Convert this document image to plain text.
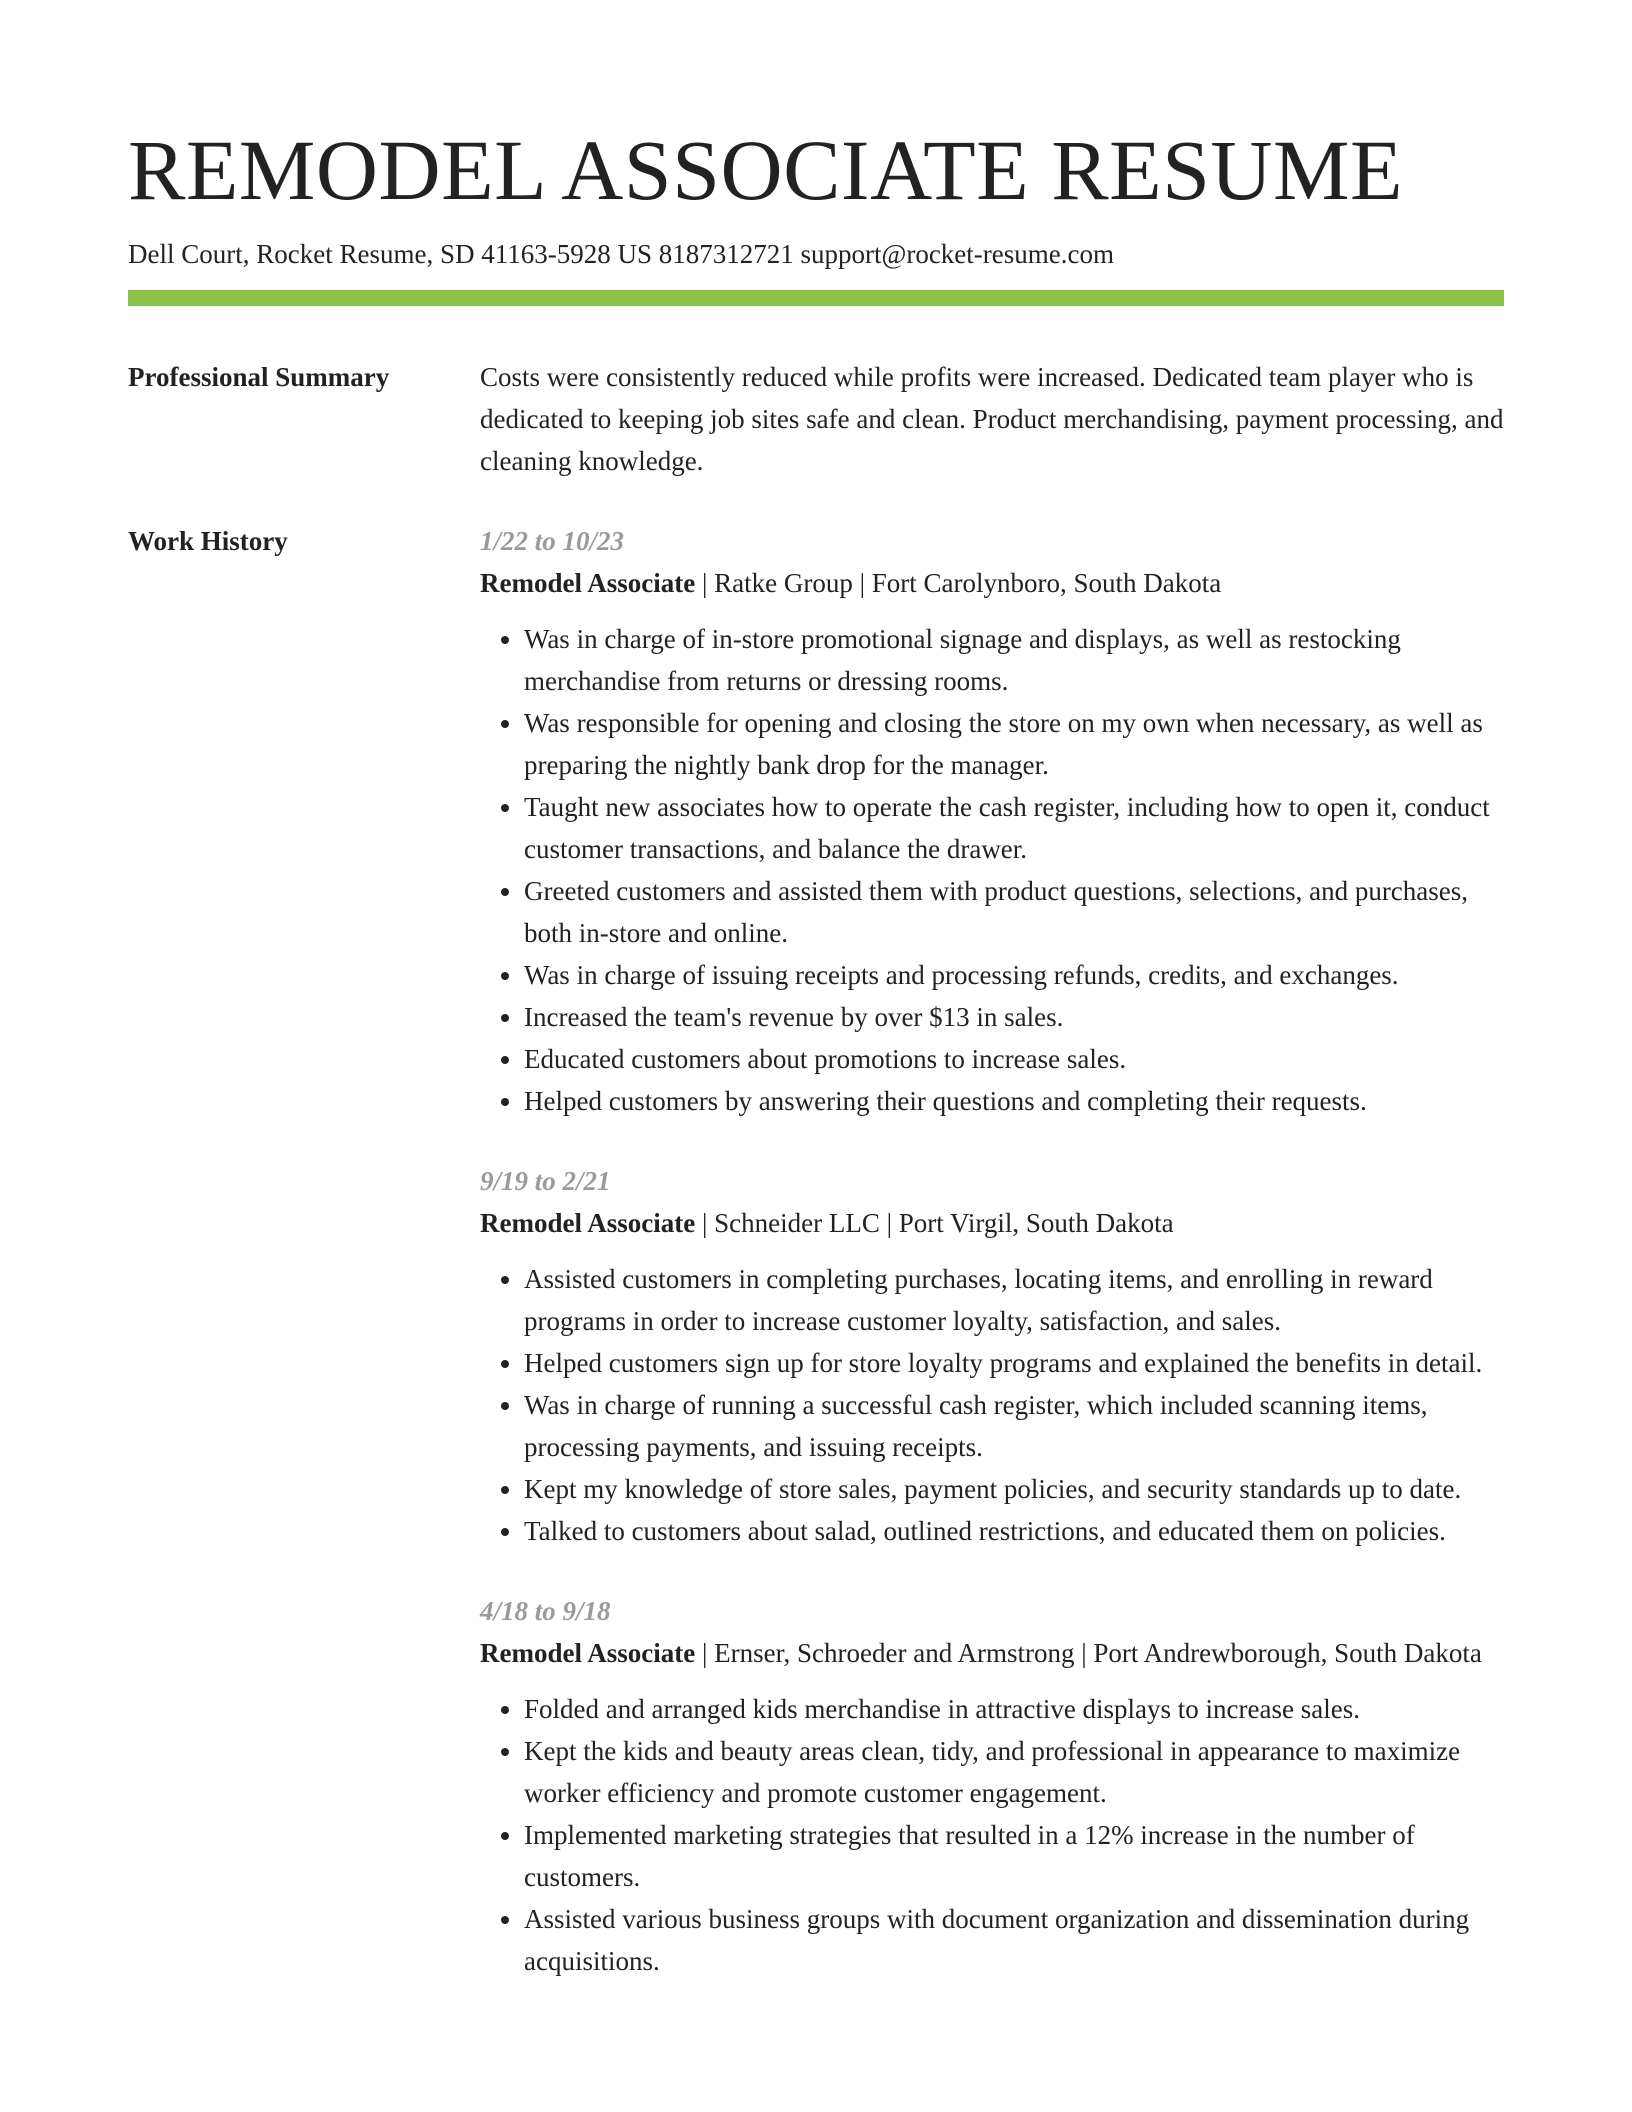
REMODEL ASSOCIATE RESUME
Dell Court, Rocket Resume, SD 41163-5928 US 8187312721 support@rocket-resume.com
Professional Summary	Costs were consistently reduced while profits were increased. Dedicated team player who is dedicated to keeping job sites safe and clean. Product merchandising, payment processing, and cleaning knowledge.

Work History	1/22 to 10/23
Remodel Associate | Ratke Group | Fort Carolynboro, South Dakota
• Was in charge of in-store promotional signage and displays, as well as restocking merchandise from returns or dressing rooms.
• Was responsible for opening and closing the store on my own when necessary, as well as preparing the nightly bank drop for the manager.
• Taught new associates how to operate the cash register, including how to open it, conduct customer transactions, and balance the drawer.
• Greeted customers and assisted them with product questions, selections, and purchases, both in-store and online.
• Was in charge of issuing receipts and processing refunds, credits, and exchanges.
• Increased the team's revenue by over $13 in sales.
• Educated customers about promotions to increase sales.
• Helped customers by answering their questions and completing their requests.
9/19 to 2/21
Remodel Associate | Schneider LLC | Port Virgil, South Dakota
• Assisted customers in completing purchases, locating items, and enrolling in reward programs in order to increase customer loyalty, satisfaction, and sales.
• Helped customers sign up for store loyalty programs and explained the benefits in detail.
• Was in charge of running a successful cash register, which included scanning items, processing payments, and issuing receipts.
• Kept my knowledge of store sales, payment policies, and security standards up to date.
• Talked to customers about salad, outlined restrictions, and educated them on policies.
4/18 to 9/18
Remodel Associate | Ernser, Schroeder and Armstrong | Port Andrewborough, South Dakota
• Folded and arranged kids merchandise in attractive displays to increase sales.
• Kept the kids and beauty areas clean, tidy, and professional in appearance to maximize worker efficiency and promote customer engagement.
• Implemented marketing strategies that resulted in a 12% increase in the number of customers.
• Assisted various business groups with document organization and dissemination during acquisitions.
